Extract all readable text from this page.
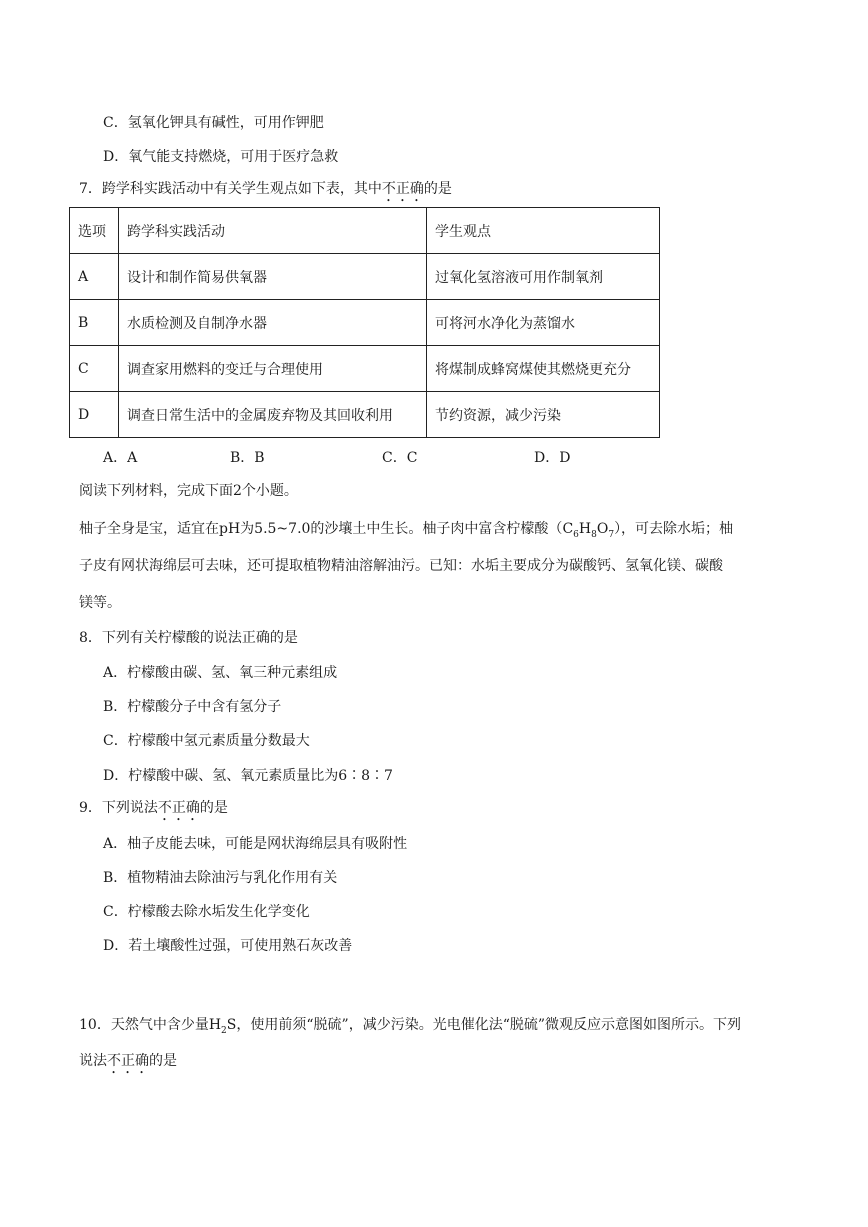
C．氢氧化钾具有碱性，可用作钾肥
D．氧气能支持燃烧，可用于医疗急救
7．跨学科实践活动中有关学生观点如下表，其中不正确的是
选项	跨学科实践活动	学生观点
A	设计和制作简易供氧器	过氧化氢溶液可用作制氧剂
B	水质检测及自制净水器	可将河水净化为蒸馏水
C	调查家用燃料的变迁与合理使用	将煤制成蜂窝煤使其燃烧更充分
D	调查日常生活中的金属废弃物及其回收利用	节约资源，减少污染
A．A	B．B	C．C	D．D
阅读下列材料，完成下面2个小题。
柚子全身是宝，适宜在pH为5.5~7.0的沙壤土中生长。柚子肉中富含柠檬酸$(C_6H_8O_7)$，可去除水垢；柚
子皮有网状海绵层可去味，还可提取植物精油溶解油污。已知：水垢主要成分为碳酸钙、氢氧化镁、碳酸
镁等。
8．下列有关柠檬酸的说法正确的是
A．柠檬酸由碳、氢、氧三种元素组成
B．柠檬酸分子中含有氢分子
C．柠檬酸中氢元素质量分数最大
D．柠檬酸中碳、氢、氧元素质量比为6∶8∶7
9．下列说法不正确的是
A．柚子皮能去味，可能是网状海绵层具有吸附性
B．植物精油去除油污与乳化作用有关
C．柠檬酸去除水垢发生化学变化
D．若土壤酸性过强，可使用熟石灰改善
10．天然气中含少量$H_2S$，使用前须“脱硫”，减少污染。光电催化法“脱硫”微观反应示意图如图所示。下列
说法不正确的是
